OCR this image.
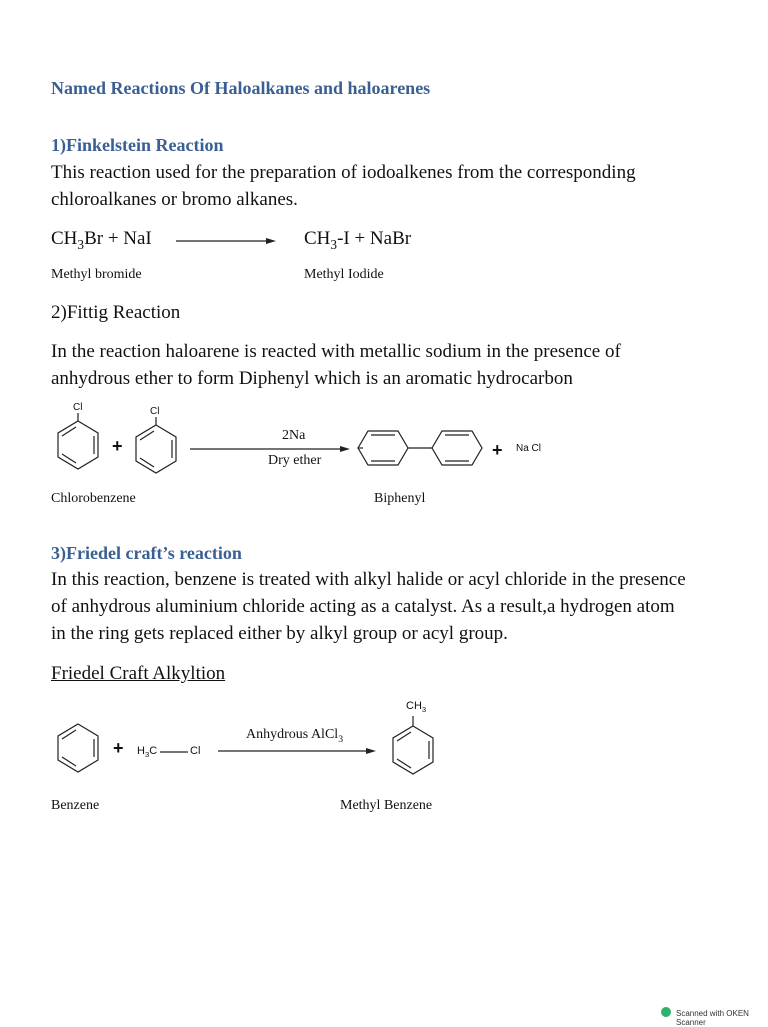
Named Reactions Of Haloalkanes and haloarenes
1)Finkelstein Reaction
This reaction used for the preparation of iodoalkenes from the corresponding
chloroalkanes or bromo alkanes.
$CH_3Br$ + NaI	$CH_3-I$ + NaBr
Methyl bromide	Methyl Iodide
2)Fittig Reaction
In the reaction haloarene is reacted with metallic sodium in the presence of
anhydrous ether to form Diphenyl which is an aromatic hydrocarbon
Cl
+
Cl
2Na
Dry ether
+ Na Cl
Chlorobenzene	Biphenyl
3)Friedel craft’s reaction
In this reaction, benzene is treated with alkyl halide or acyl chloride in the presence
of anhydrous aluminium chloride acting as a catalyst. As a result,a hydrogen atom
in the ring gets replaced either by alkyl group or acyl group.
Friedel Craft Alkyltion
+ $H_3C$	Cl
Anhydrous AlCl$_3$
$CH_3$
Benzene	Methyl Benzene
Scanned with OKEN Scanner
